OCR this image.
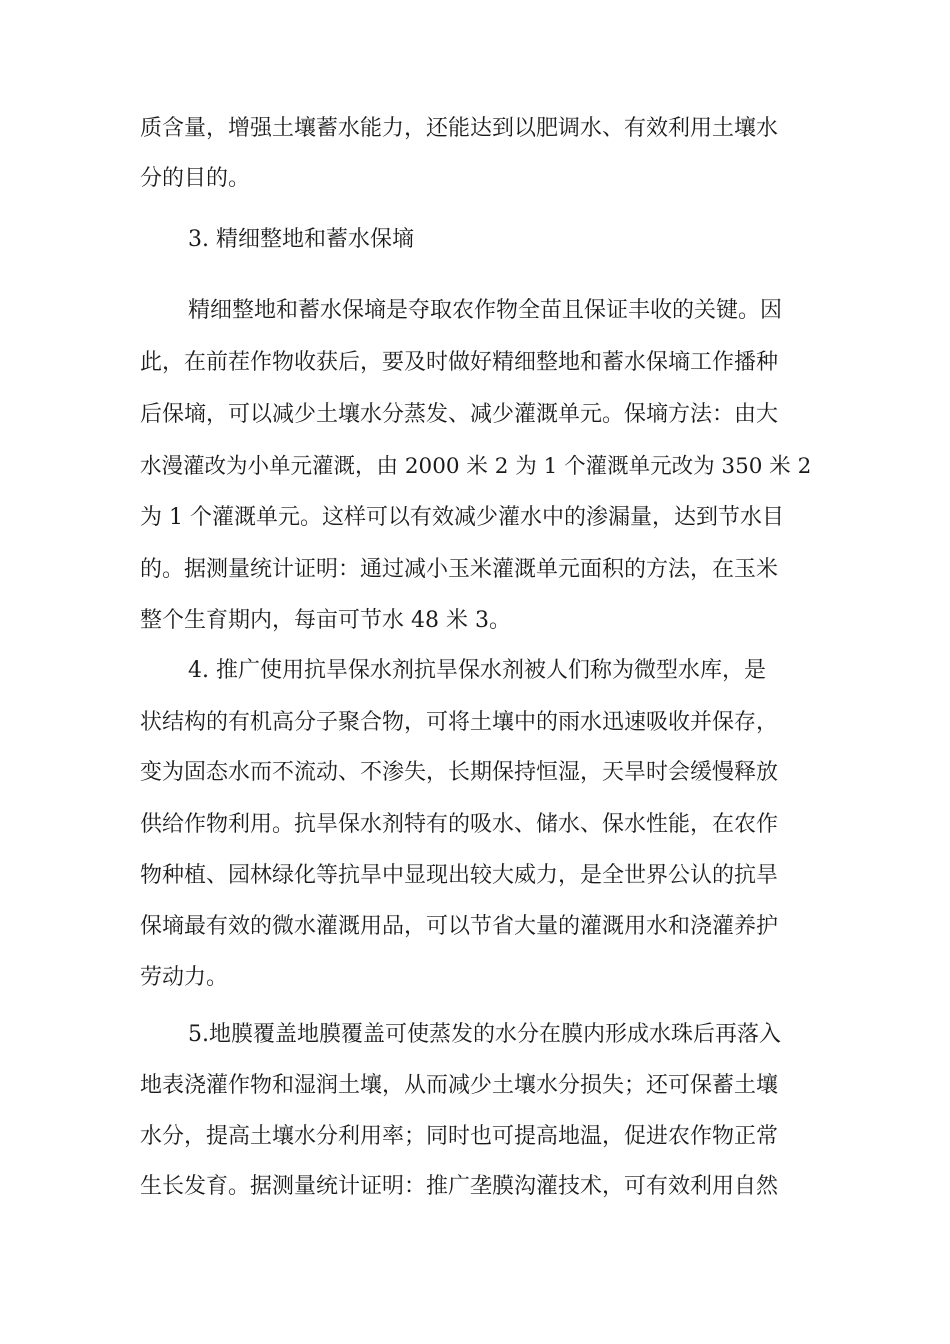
质含量，增强土壤蓄水能力，还能达到以肥调水、有效利用土壤水
分的目的。
3. 精细整地和蓄水保墒
精细整地和蓄水保墒是夺取农作物全苗且保证丰收的关键。因
此，在前茬作物收获后，要及时做好精细整地和蓄水保墒工作播种
后保墒，可以减少土壤水分蒸发、减少灌溉单元。保墒方法：由大
水漫灌改为小单元灌溉，由 2000 米 2 为 1 个灌溉单元改为 350 米 2
为 1 个灌溉单元。这样可以有效减少灌水中的渗漏量，达到节水目
的。据测量统计证明：通过减小玉米灌溉单元面积的方法，在玉米
整个生育期内，每亩可节水 48 米 3。
4. 推广使用抗旱保水剂抗旱保水剂被人们称为微型水库，是
状结构的有机高分子聚合物，可将土壤中的雨水迅速吸收并保存，
变为固态水而不流动、不渗失，长期保持恒湿，天旱时会缓慢释放
供给作物利用。抗旱保水剂特有的吸水、储水、保水性能，在农作
物种植、园林绿化等抗旱中显现出较大威力，是全世界公认的抗旱
保墒最有效的微水灌溉用品，可以节省大量的灌溉用水和浇灌养护
劳动力。
5.地膜覆盖地膜覆盖可使蒸发的水分在膜内形成水珠后再落入
地表浇灌作物和湿润土壤，从而减少土壤水分损失；还可保蓄土壤
水分，提高土壤水分利用率；同时也可提高地温，促进农作物正常
生长发育。据测量统计证明：推广垄膜沟灌技术，可有效利用自然
